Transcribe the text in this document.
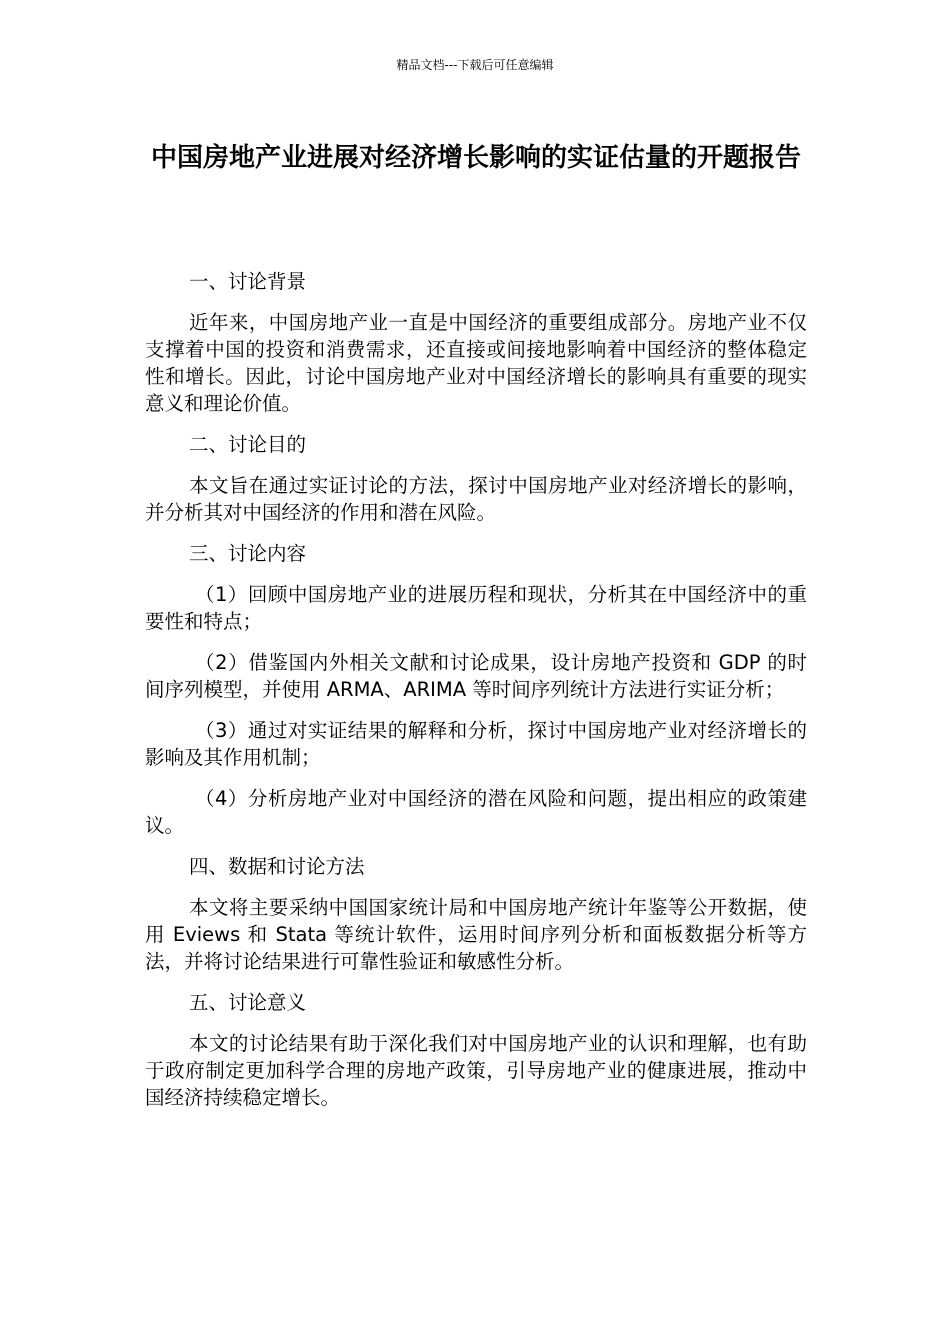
精品文档---下载后可任意编辑
中国房地产业进展对经济增长影响的实证估量的开题报告

一、讨论背景

近年来，中国房地产业一直是中国经济的重要组成部分。房地产业不仅支撑着中国的投资和消费需求，还直接或间接地影响着中国经济的整体稳定性和增长。因此，讨论中国房地产业对中国经济增长的影响具有重要的现实意义和理论价值。

二、讨论目的

本文旨在通过实证讨论的方法，探讨中国房地产业对经济增长的影响，并分析其对中国经济的作用和潜在风险。

三、讨论内容

（1）回顾中国房地产业的进展历程和现状，分析其在中国经济中的重要性和特点；

（2）借鉴国内外相关文献和讨论成果，设计房地产投资和 GDP 的时间序列模型，并使用 ARMA、ARIMA 等时间序列统计方法进行实证分析；

（3）通过对实证结果的解释和分析，探讨中国房地产业对经济增长的影响及其作用机制；

（4）分析房地产业对中国经济的潜在风险和问题，提出相应的政策建议。

四、数据和讨论方法

本文将主要采纳中国国家统计局和中国房地产统计年鉴等公开数据，使用 Eviews 和 Stata 等统计软件，运用时间序列分析和面板数据分析等方法，并将讨论结果进行可靠性验证和敏感性分析。

五、讨论意义

本文的讨论结果有助于深化我们对中国房地产业的认识和理解，也有助于政府制定更加科学合理的房地产政策，引导房地产业的健康进展，推动中国经济持续稳定增长。
